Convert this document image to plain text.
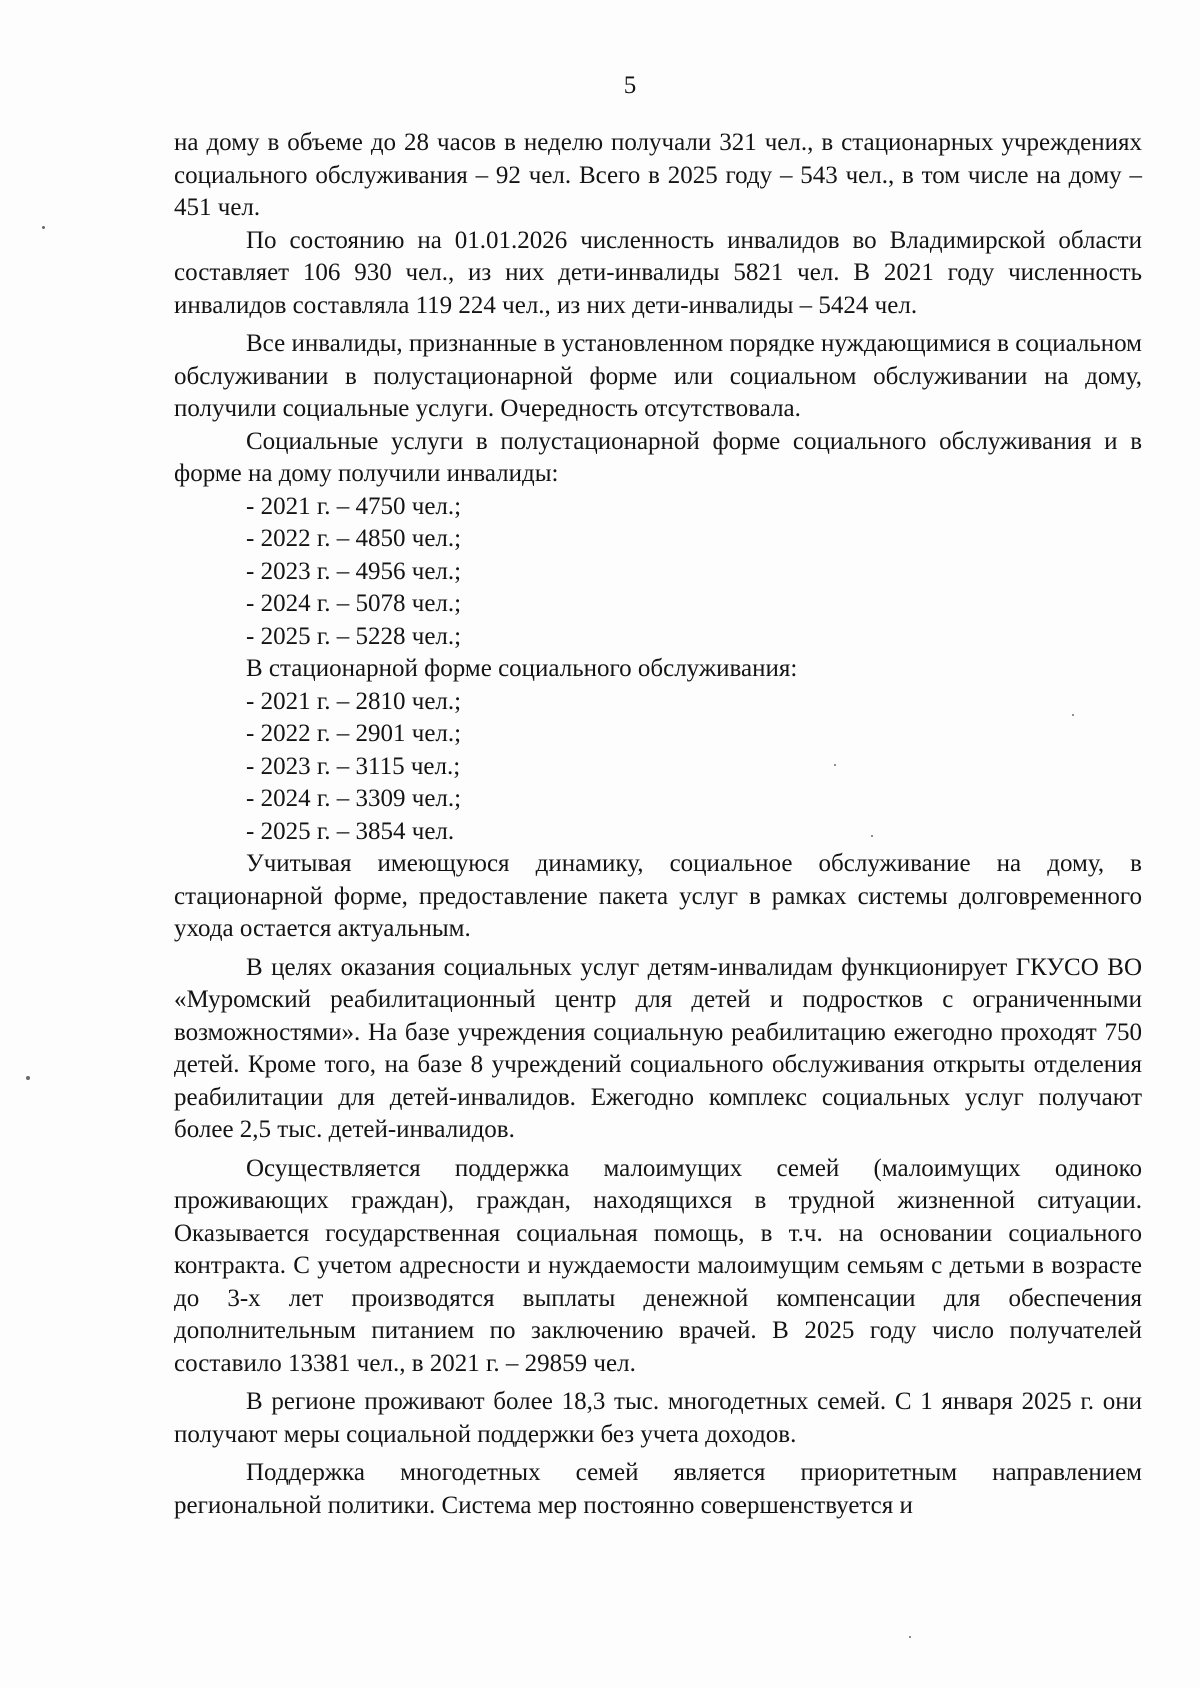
5

на дому в объеме до 28 часов в неделю получали 321 чел., в стационарных учреждениях социального обслуживания – 92 чел. Всего в 2025 году – 543 чел., в том числе на дому – 451 чел.

По состоянию на 01.01.2026 численность инвалидов во Владимирской области составляет 106 930 чел., из них дети-инвалиды 5821 чел. В 2021 году численность инвалидов составляла 119 224 чел., из них дети-инвалиды – 5424 чел.

Все инвалиды, признанные в установленном порядке нуждающимися в социальном обслуживании в полустационарной форме или социальном обслуживании на дому, получили социальные услуги. Очередность отсутствовала.

Социальные услуги в полустационарной форме социального обслуживания и в форме на дому получили инвалиды:

- 2021 г. – 4750 чел.;
- 2022 г. – 4850 чел.;
- 2023 г. – 4956 чел.;
- 2024 г. – 5078 чел.;
- 2025 г. – 5228 чел.;
В стационарной форме социального обслуживания:
- 2021 г. – 2810 чел.;
- 2022 г. – 2901 чел.;
- 2023 г. – 3115 чел.;
- 2024 г. – 3309 чел.;
- 2025 г. – 3854 чел.

Учитывая имеющуюся динамику, социальное обслуживание на дому, в стационарной форме, предоставление пакета услуг в рамках системы долговременного ухода остается актуальным.

В целях оказания социальных услуг детям-инвалидам функционирует ГКУСО ВО «Муромский реабилитационный центр для детей и подростков с ограниченными возможностями». На базе учреждения социальную реабилитацию ежегодно проходят 750 детей. Кроме того, на базе 8 учреждений социального обслуживания открыты отделения реабилитации для детей-инвалидов. Ежегодно комплекс социальных услуг получают более 2,5 тыс. детей-инвалидов.

Осуществляется поддержка малоимущих семей (малоимущих одиноко проживающих граждан), граждан, находящихся в трудной жизненной ситуации. Оказывается государственная социальная помощь, в т.ч. на основании социального контракта. С учетом адресности и нуждаемости малоимущим семьям с детьми в возрасте до 3-х лет производятся выплаты денежной компенсации для обеспечения дополнительным питанием по заключению врачей. В 2025 году число получателей составило 13381 чел., в 2021 г. – 29859 чел.

В регионе проживают более 18,3 тыс. многодетных семей. С 1 января 2025 г. они получают меры социальной поддержки без учета доходов.

Поддержка многодетных семей является приоритетным направлением региональной политики. Система мер постоянно совершенствуется и
